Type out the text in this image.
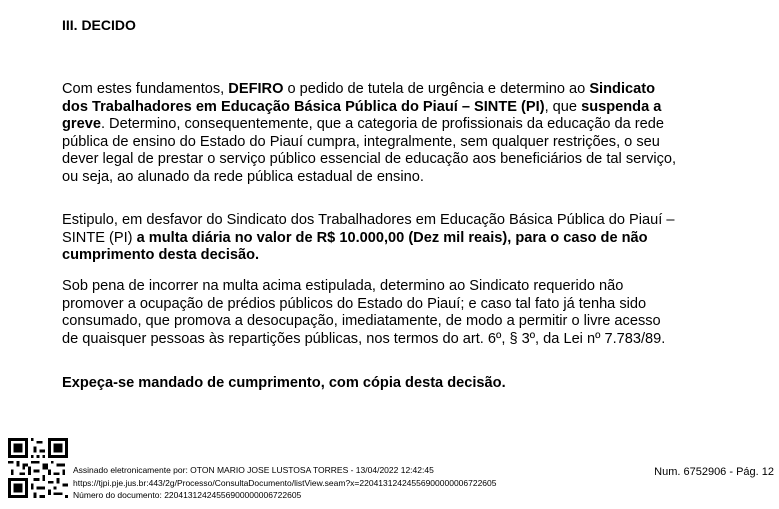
III. DECIDO

Com estes fundamentos, DEFIRO o pedido de tutela de urgência e determino ao Sindicato dos Trabalhadores em Educação Básica Pública do Piauí – SINTE (PI), que suspenda a greve. Determino, consequentemente, que a categoria de profissionais da educação da rede pública de ensino do Estado do Piauí cumpra, integralmente, sem qualquer restrições, o seu dever legal de prestar o serviço público essencial de educação aos beneficiários de tal serviço, ou seja, ao alunado da rede pública estadual de ensino.

Estipulo, em desfavor do Sindicato dos Trabalhadores em Educação Básica Pública do Piauí – SINTE (PI) a multa diária no valor de R$ 10.000,00 (Dez mil reais), para o caso de não cumprimento desta decisão.

Sob pena de incorrer na multa acima estipulada, determino ao Sindicato requerido não promover a ocupação de prédios públicos do Estado do Piauí; e caso tal fato já tenha sido consumado, que promova a desocupação, imediatamente, de modo a permitir o livre acesso de quaisquer pessoas às repartições públicas, nos termos do art. 6º, § 3º, da Lei nº 7.783/89.

Expeça-se mandado de cumprimento, com cópia desta decisão.

Assinado eletronicamente por: OTON MARIO JOSE LUSTOSA TORRES - 13/04/2022 12:42:45
https://tjpi.pje.jus.br:443/2g/Processo/ConsultaDocumento/listView.seam?x=22041312424556900000006722605
Número do documento: 22041312424556900000006722605

Num. 6752906 - Pág. 12
